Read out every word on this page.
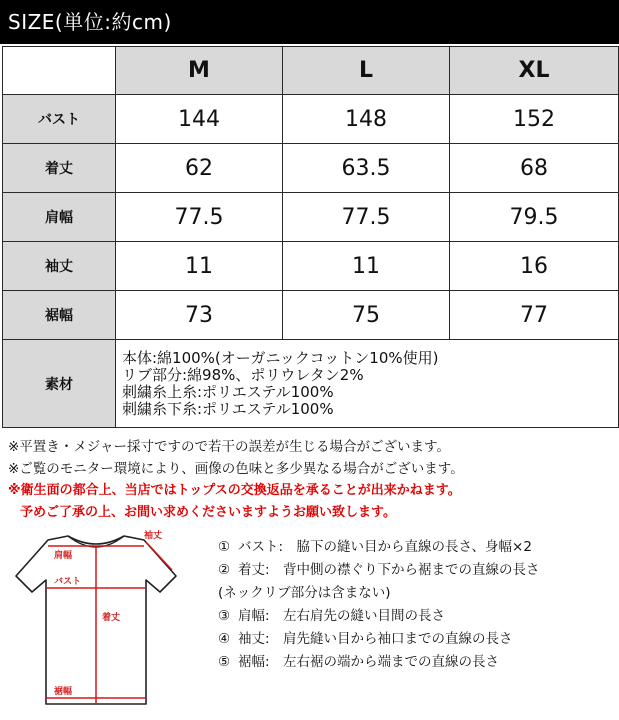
SIZE(単位:約cm)
	M	L	XL
バスト	144	148	152
着丈	62	63.5	68
肩幅	77.5	77.5	79.5
袖丈	11	11	16
裾幅	73	75	77
素材	本体:綿100%(オーガニックコットン10%使用)

リブ部分:綿98%、ポリウレタン2%

刺繍糸上糸:ポリエステル100%

刺繍糸下糸:ポリエステル100%		

※平置き・メジャー採寸ですので若干の誤差が生じる場合がございます。

※ご覧のモニター環境により、画像の色味と多少異なる場合がございます。

※衛生面の都合上、当店ではトップスの交換返品を承ることが出来かねます。

予めご了承の上、お間い求めくださいますようお願い致します。

袖丈
肩幅
バスト
着丈
裾幅

① バスト:　脇下の縫い目から直線の長さ、身幅×2

② 着丈:　背中側の襟ぐり下から裾までの直線の長さ

(ネックリブ部分は含まない)

③ 肩幅:　左右肩先の縫い目間の長さ

④ 袖丈:　肩先縫い目から袖口までの直線の長さ

⑤ 裾幅:　左右裾の端から端までの直線の長さ
